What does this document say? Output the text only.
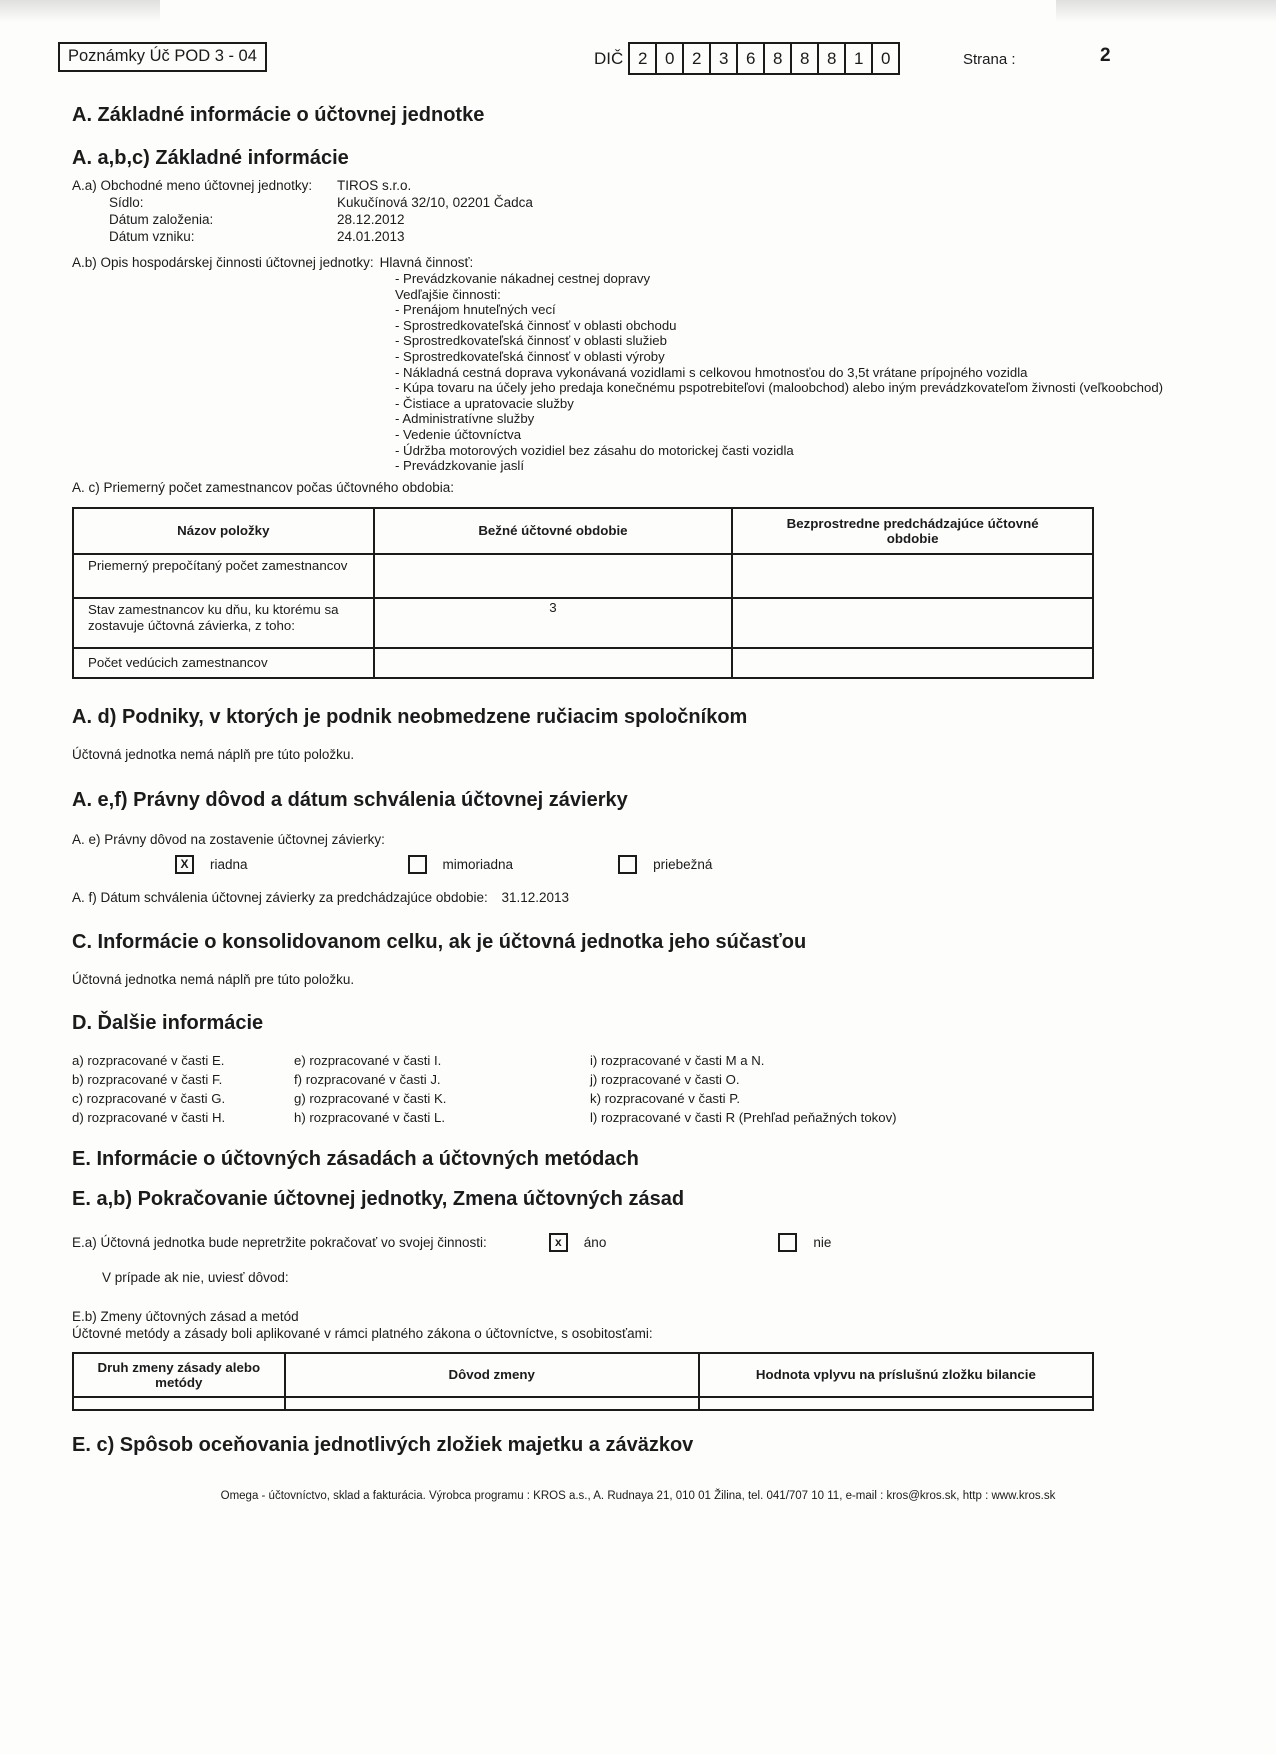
Poznámky Úč POD 3 - 04	DIČ 2	0	2	3	6	8	8	8	1	0	Strana :	2
A. Základné informácie o účtovnej jednotke
A. a,b,c) Základné informácie
A.a) Obchodné meno účtovnej jednotky:	TIROS s.r.o.
Sídlo:	Kukučínová 32/10, 02201 Čadca
Dátum založenia:	28.12.2012
Dátum vzniku:	24.01.2013
A.b) Opis hospodárskej činnosti účtovnej jednotky: Hlavná činnosť:

- Prevádzkovanie nákadnej cestnej dopravy

Vedľajšie činnosti:

- Prenájom hnuteľných vecí

- Sprostredkovateľská činnosť v oblasti obchodu

- Sprostredkovateľská činnosť v oblasti služieb

- Sprostredkovateľská činnosť v oblasti výroby

- Nákladná cestná doprava vykonávaná vozidlami s celkovou hmotnosťou do 3,5t vrátane prípojného vozidla

- Kúpa tovaru na účely jeho predaja konečnému pspotrebiteľovi (maloobchod) alebo iným prevádzkovateľom živnosti (veľkoobchod)

- Čistiace a upratovacie služby

- Administratívne služby

- Vedenie účtovníctva

- Údržba motorových vozidiel bez zásahu do motorickej časti vozidla

- Prevádzkovanie jaslí

A. c) Priemerný počet zamestnancov počas účtovného obdobia:
Názov položky	Bežné účtovné obdobie	Bezprostredne predchádzajúce účtovné obdobie

Priemerný prepočítaný počet zamestnancov		
Stav zamestnancov ku dňu, ku ktorému sa zostavuje účtovná závierka, z toho:	3	
Počet vedúcich zamestnancov		
A. d) Podniky, v ktorých je podnik neobmedzene ručiacim spoločníkom
Účtovná jednotka nemá náplň pre túto položku.
A. e,f) Právny dôvod a dátum schválenia účtovnej závierky
A. e) Právny dôvod na zostavenie účtovnej závierky:
X	riadna	mimoriadna	priebežná
A. f) Dátum schválenia účtovnej závierky za predchádzajúce obdobie: 31.12.2013
C. Informácie o konsolidovanom celku, ak je účtovná jednotka jeho súčasťou
Účtovná jednotka nemá náplň pre túto položku.
D. Ďalšie informácie
a) rozpracované v časti E.
b) rozpracované v časti F.
c) rozpracované v časti G.
d) rozpracované v časti H.
e) rozpracované v časti I.
f) rozpracované v časti J.
g) rozpracované v časti K.
h) rozpracované v časti L.
i) rozpracované v časti M a N.
j) rozpracované v časti O.
k) rozpracované v časti P.
l) rozpracované v časti R (Prehľad peňažných tokov)
E. Informácie o účtovných zásadách a účtovných metódach
E. a,b) Pokračovanie účtovnej jednotky, Zmena účtovných zásad
E.a) Účtovná jednotka bude nepretržite pokračovať vo svojej činnosti:	x	áno	nie
V prípade ak nie, uviesť dôvod:
E.b) Zmeny účtovných zásad a metód
Účtovné metódy a zásady boli aplikované v rámci platného zákona o účtovníctve, s osobitosťami:
Druh zmeny zásady alebo metódy	Dôvod zmeny	Hodnota vplyvu na príslušnú zložku bilancie

E. c) Spôsob oceňovania jednotlivých zložiek majetku a záväzkov
Omega - účtovníctvo, sklad a fakturácia. Výrobca programu : KROS a.s., A. Rudnaya 21, 010 01 Žilina, tel. 041/707 10 11, e-mail : kros@kros.sk, http : www.kros.sk
